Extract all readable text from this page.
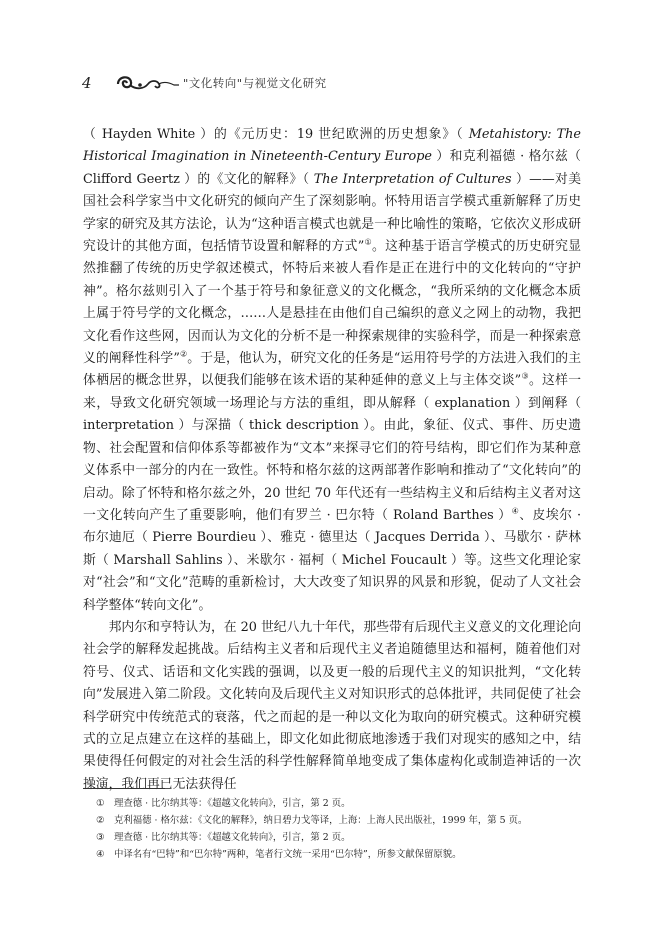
4	"文化转向"与视觉文化研究

（ Hayden White ）的《元历史：19 世纪欧洲的历史想象》（ Metahistory: The Historical Imagination in Nineteenth-Century Europe ）和克利福德 · 格尔兹（ Clifford Geertz ）的《文化的解释》（ The Interpretation of Cultures ）——对美国社会科学家当中文化研究的倾向产生了深刻影响。怀特用语言学模式重新解释了历史学家的研究及其方法论，认为“这种语言模式也就是一种比喻性的策略，它依次义形成研究设计的其他方面，包括情节设置和解释的方式”①。这种基于语言学模式的历史研究显然推翻了传统的历史学叙述模式，怀特后来被人看作是正在进行中的文化转向的“守护神”。格尔兹则引入了一个基于符号和象征意义的文化概念，“我所采纳的文化概念本质上属于符号学的文化概念，……人是悬挂在由他们自己编织的意义之网上的动物，我把文化看作这些网，因而认为文化的分析不是一种探索规律的实验科学，而是一种探索意义的阐释性科学”②。于是，他认为，研究文化的任务是“运用符号学的方法进入我们的主体栖居的概念世界，以便我们能够在该术语的某种延伸的意义上与主体交谈”③。这样一来，导致文化研究领域一场理论与方法的重组，即从解释（ explanation ）到阐释（ interpretation ）与深描（ thick description ）。由此，象征、仪式、事件、历史遗物、社会配置和信仰体系等都被作为“文本”来探寻它们的符号结构，即它们作为某种意义体系中一部分的内在一致性。怀特和格尔兹的这两部著作影响和推动了“文化转向”的启动。除了怀特和格尔兹之外，20 世纪 70 年代还有一些结构主义和后结构主义者对这一文化转向产生了重要影响，他们有罗兰 · 巴尔特（ Roland Barthes ）④、皮埃尔 · 布尔迪厄（ Pierre Bourdieu ）、雅克 · 德里达（ Jacques Derrida ）、马歇尔 · 萨林斯（ Marshall Sahlins ）、米歇尔 · 福柯（ Michel Foucault ）等。这些文化理论家对“社会”和“文化”范畴的重新检讨，大大改变了知识界的风景和形貌，促动了人文社会科学整体“转向文化”。

邦内尔和亨特认为，在 20 世纪八九十年代，那些带有后现代主义意义的文化理论向社会学的解释发起挑战。后结构主义者和后现代主义者追随德里达和福柯，随着他们对符号、仪式、话语和文化实践的强调，以及更一般的后现代主义的知识批判，“文化转向”发展进入第二阶段。文化转向及后现代主义对知识形式的总体批评，共同促使了社会科学研究中传统范式的衰落，代之而起的是一种以文化为取向的研究模式。这种研究模式的立足点建立在这样的基础上，即文化如此彻底地渗透于我们对现实的感知之中，结果使得任何假定的对社会生活的科学性解释简单地变成了集体虚构化或制造神话的一次操演，我们再已无法获得任

① 理查德 · 比尔纳其等：《超越文化转向》，引言，第 2 页。
② 克利福德 · 格尔兹：《文化的解释》，纳日碧力戈等译，上海：上海人民出版社，1999 年，第 5 页。
③ 理查德 · 比尔纳其等：《超越文化转向》，引言，第 2 页。
④ 中译名有“巴特”和“巴尔特”两种，笔者行文统一采用“巴尔特”，所参文献保留原貌。
